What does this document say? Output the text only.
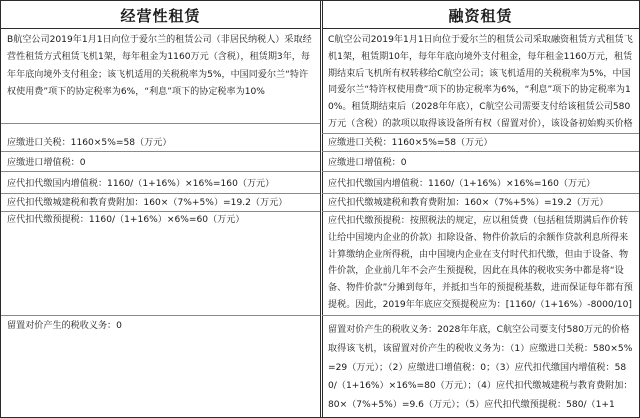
经营性租赁
B航空公司2019年1月1日向位于爱尔兰的租赁公司（非居民纳税人）采取经营性租赁方式租赁飞机1架，每年租金为1160万元（含税），租赁期3年，每年年底向境外支付租金；该飞机适用的关税税率为5%，中国同爱尔兰“特许权使用费”项下的协定税率为6%，“利息”项下的协定税率为10%
应缴进口关税：1160×5%=58（万元）
应缴进口增值税：0
应代扣代缴国内增值税：1160/（1+16%）×16%=160（万元）
应代扣代缴城建税和教育费附加：160×（7%+5%）=19.2（万元）
应代扣代缴预提税：1160/（1+16%）×6%=60（万元）
留置对价产生的税收义务：0
融资租赁
C航空公司2019年1月1日向位于爱尔兰的租赁公司采取融资租赁方式租赁飞机1架，租赁期10年，每年年底向境外支付租金，每年租金1160万元，租赁期结束后飞机所有权转移给C航空公司；该飞机适用的关税税率为5%，中国同爱尔兰“特许权使用费”项下的协定税率为6%，“利息”项下的协定税率为10%。租赁期结束后（2028年年底），C航空公司需要支付给该租赁公司580万元（含税）的款项以取得该设备所有权（留置对价），该设备初始购买价格
应缴进口关税：1160×5%=58（万元）
应缴进口增值税：0
应代扣代缴国内增值税：1160/（1+16%）×16%=160（万元）
应代扣代缴城建税和教育费附加：160×（7%+5%）=19.2（万元）
应代扣代缴预提税：按照税法的规定，应以租赁费（包括租赁期满后作价转让给中国境内企业的价款）扣除设备、物件价款后的余额作贷款利息所得来计算缴纳企业所得税，由中国境内企业在支付时代扣代缴，但由于设备、物件价款，企业前几年不会产生预提税，因此在具体的税收实务中都是将“设备、物件价款”分摊到每年，并抵扣当年的预提税基数，进而保证每年都有预提税。因此，2019年年底应交预提税应为：[1160/（1+16%）-8000/10]
留置对价产生的税收义务：2028年年底，C航空公司要支付580万元的价格取得该飞机，该留置对价产生的税收义务为：（1）应缴进口关税：580×5%=29（万元）；（2）应缴进口增值税：0；（3）应代扣代缴国内增值税：580/（1+16%）×16%=80（万元）；（4）应代扣代缴城建税与教育费附加：80×（7%+5%）=9.6（万元）；（5）应代扣代缴预提税：580/（1+1
